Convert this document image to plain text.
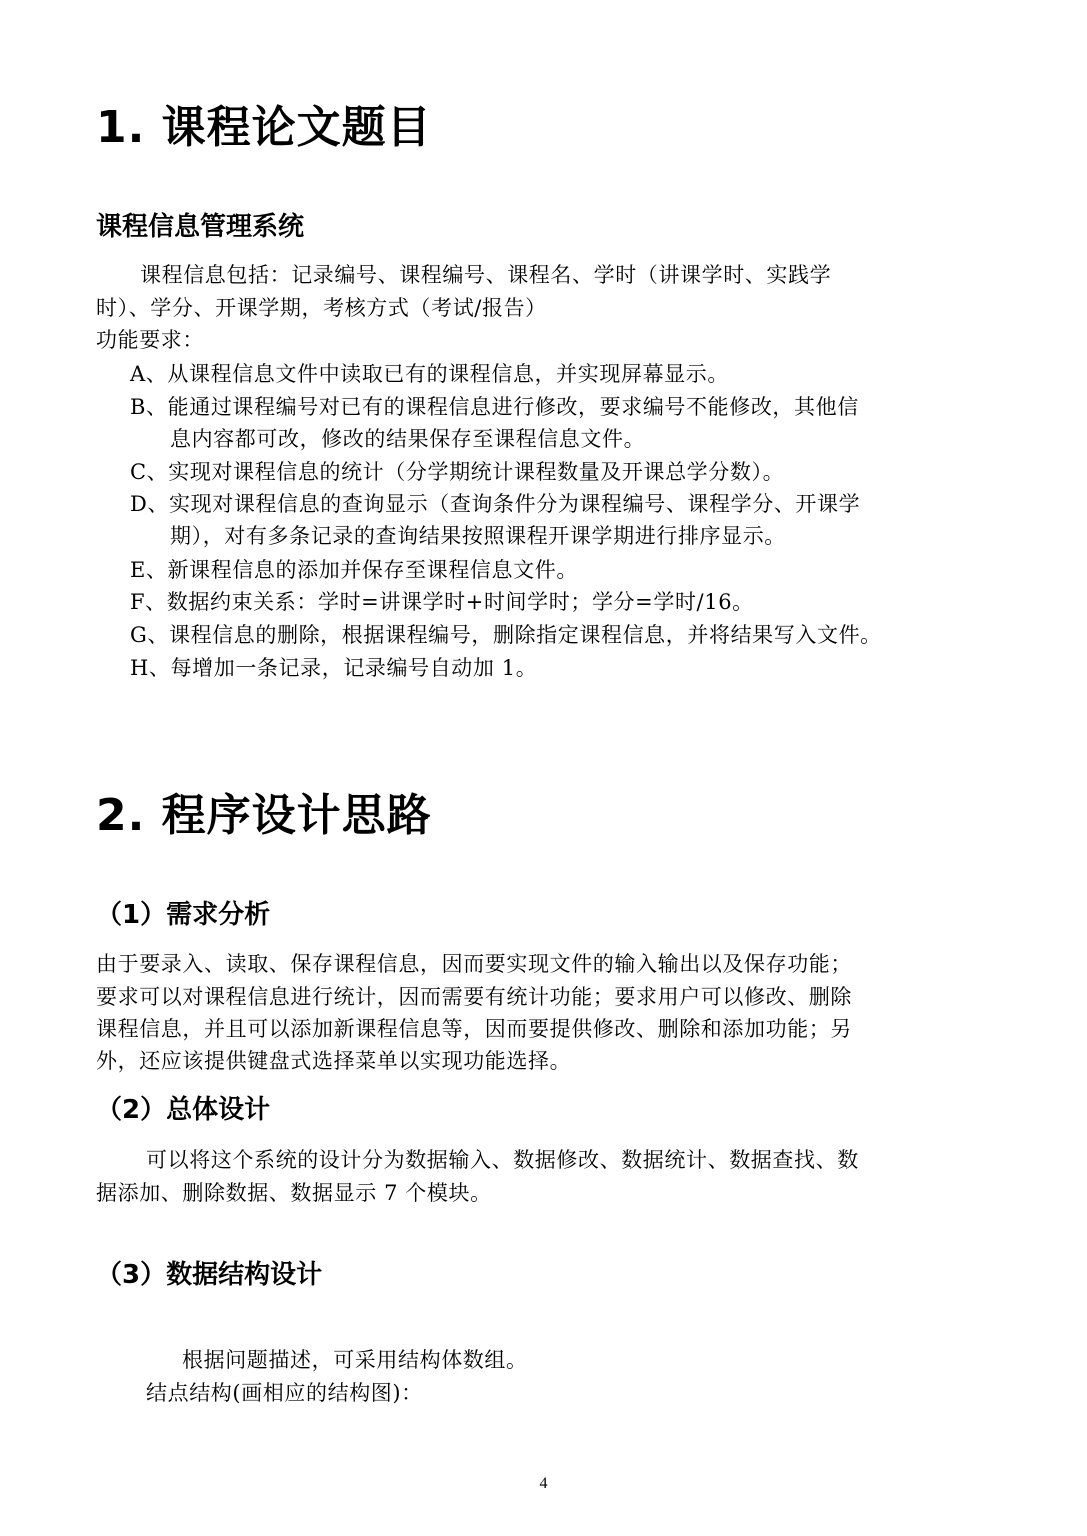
1. 课程论文题目
课程信息管理系统
课程信息包括：记录编号、课程编号、课程名、学时（讲课学时、实践学
时）、学分、开课学期，考核方式（考试/报告）
功能要求：
A、从课程信息文件中读取已有的课程信息，并实现屏幕显示。
B、能通过课程编号对已有的课程信息进行修改，要求编号不能修改，其他信
息内容都可改，修改的结果保存至课程信息文件。
C、实现对课程信息的统计（分学期统计课程数量及开课总学分数）。
D、实现对课程信息的查询显示（查询条件分为课程编号、课程学分、开课学
期），对有多条记录的查询结果按照课程开课学期进行排序显示。
E、新课程信息的添加并保存至课程信息文件。
F、数据约束关系：学时=讲课学时+时间学时；学分=学时/16。
G、课程信息的删除，根据课程编号，删除指定课程信息，并将结果写入文件。
H、每增加一条记录，记录编号自动加 1。
2. 程序设计思路
（1）需求分析
由于要录入、读取、保存课程信息，因而要实现文件的输入输出以及保存功能；
要求可以对课程信息进行统计，因而需要有统计功能；要求用户可以修改、删除
课程信息，并且可以添加新课程信息等，因而要提供修改、删除和添加功能；另
外，还应该提供键盘式选择菜单以实现功能选择。
（2）总体设计
可以将这个系统的设计分为数据输入、数据修改、数据统计、数据查找、数
据添加、删除数据、数据显示 7 个模块。
（3）数据结构设计
根据问题描述，可采用结构体数组。
结点结构(画相应的结构图)：
4
